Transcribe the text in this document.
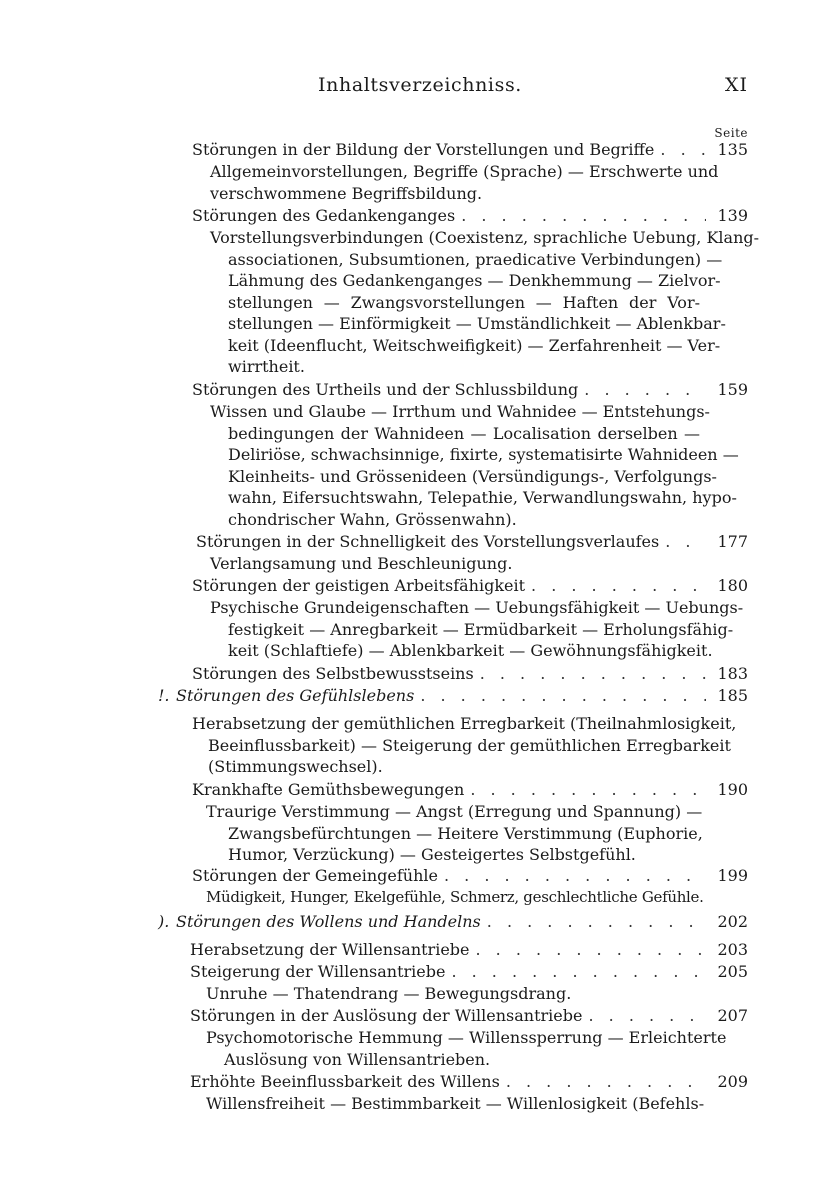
Inhaltsverzeichniss.	XI
Seite
Störungen in der Bildung der Vorstellungen und Begriffe . . .	135
Allgemeinvorstellungen, Begriffe (Sprache) — Erschwerte und
verschwommene Begriffsbildung.
Störungen des Gedankenganges . . .	139
Vorstellungsverbindungen (Coexistenz, sprachliche Uebung, Klang-
associationen, Subsumtionen, praedicative Verbindungen) —
Lähmung des Gedankenganges — Denkhemmung — Zielvor-
stellungen — Zwangsvorstellungen — Haften der Vor-
stellungen — Einförmigkeit — Umständlichkeit — Ablenkbar-
keit (Ideenflucht, Weitschweifigkeit) — Zerfahrenheit — Ver-
wirrtheit.
Störungen des Urtheils und der Schlussbildung . . .	159
Wissen und Glaube — Irrthum und Wahnidee — Entstehungs-
bedingungen der Wahnideen — Localisation derselben —
Deliriöse, schwachsinnige, fixirte, systematisirte Wahnideen —
Kleinheits- und Grössenideen (Versündigungs-, Verfolgungs-
wahn, Eifersuchtswahn, Telepathie, Verwandlungswahn, hypo-
chondrischer Wahn, Grössenwahn).
Störungen in der Schnelligkeit des Vorstellungsverlaufes . . .	177
Verlangsamung und Beschleunigung.
Störungen der geistigen Arbeitsfähigkeit . . .	180
Psychische Grundeigenschaften — Uebungsfähigkeit — Uebungs-
festigkeit — Anregbarkeit — Ermüdbarkeit — Erholungsfähig-
keit (Schlaftiefe) — Ablenkbarkeit — Gewöhnungsfähigkeit.
Störungen des Selbstbewusstseins . . .	183
!. Störungen des Gefühlslebens . . .	185
Herabsetzung der gemüthlichen Erregbarkeit (Theilnahmlosigkeit,
Beeinflussbarkeit) — Steigerung der gemüthlichen Erregbarkeit
(Stimmungswechsel).
Krankhafte Gemüthsbewegungen . . .	190
Traurige Verstimmung — Angst (Erregung und Spannung) —
Zwangsbefürchtungen — Heitere Verstimmung (Euphorie,
Humor, Verzückung) — Gesteigertes Selbstgefühl.
Störungen der Gemeingefühle . . .	199
Müdigkeit, Hunger, Ekelgefühle, Schmerz, geschlechtliche Gefühle.
). Störungen des Wollens und Handelns . . .	202
Herabsetzung der Willensantriebe . . .	203
Steigerung der Willensantriebe . . .	205
Unruhe — Thatendrang — Bewegungsdrang.
Störungen in der Auslösung der Willensantriebe . . .	207
Psychomotorische Hemmung — Willenssperrung — Erleichterte
Auslösung von Willensantrieben.
Erhöhte Beeinflussbarkeit des Willens . . .	209
Willensfreiheit — Bestimmbarkeit — Willenlosigkeit (Befehls-
